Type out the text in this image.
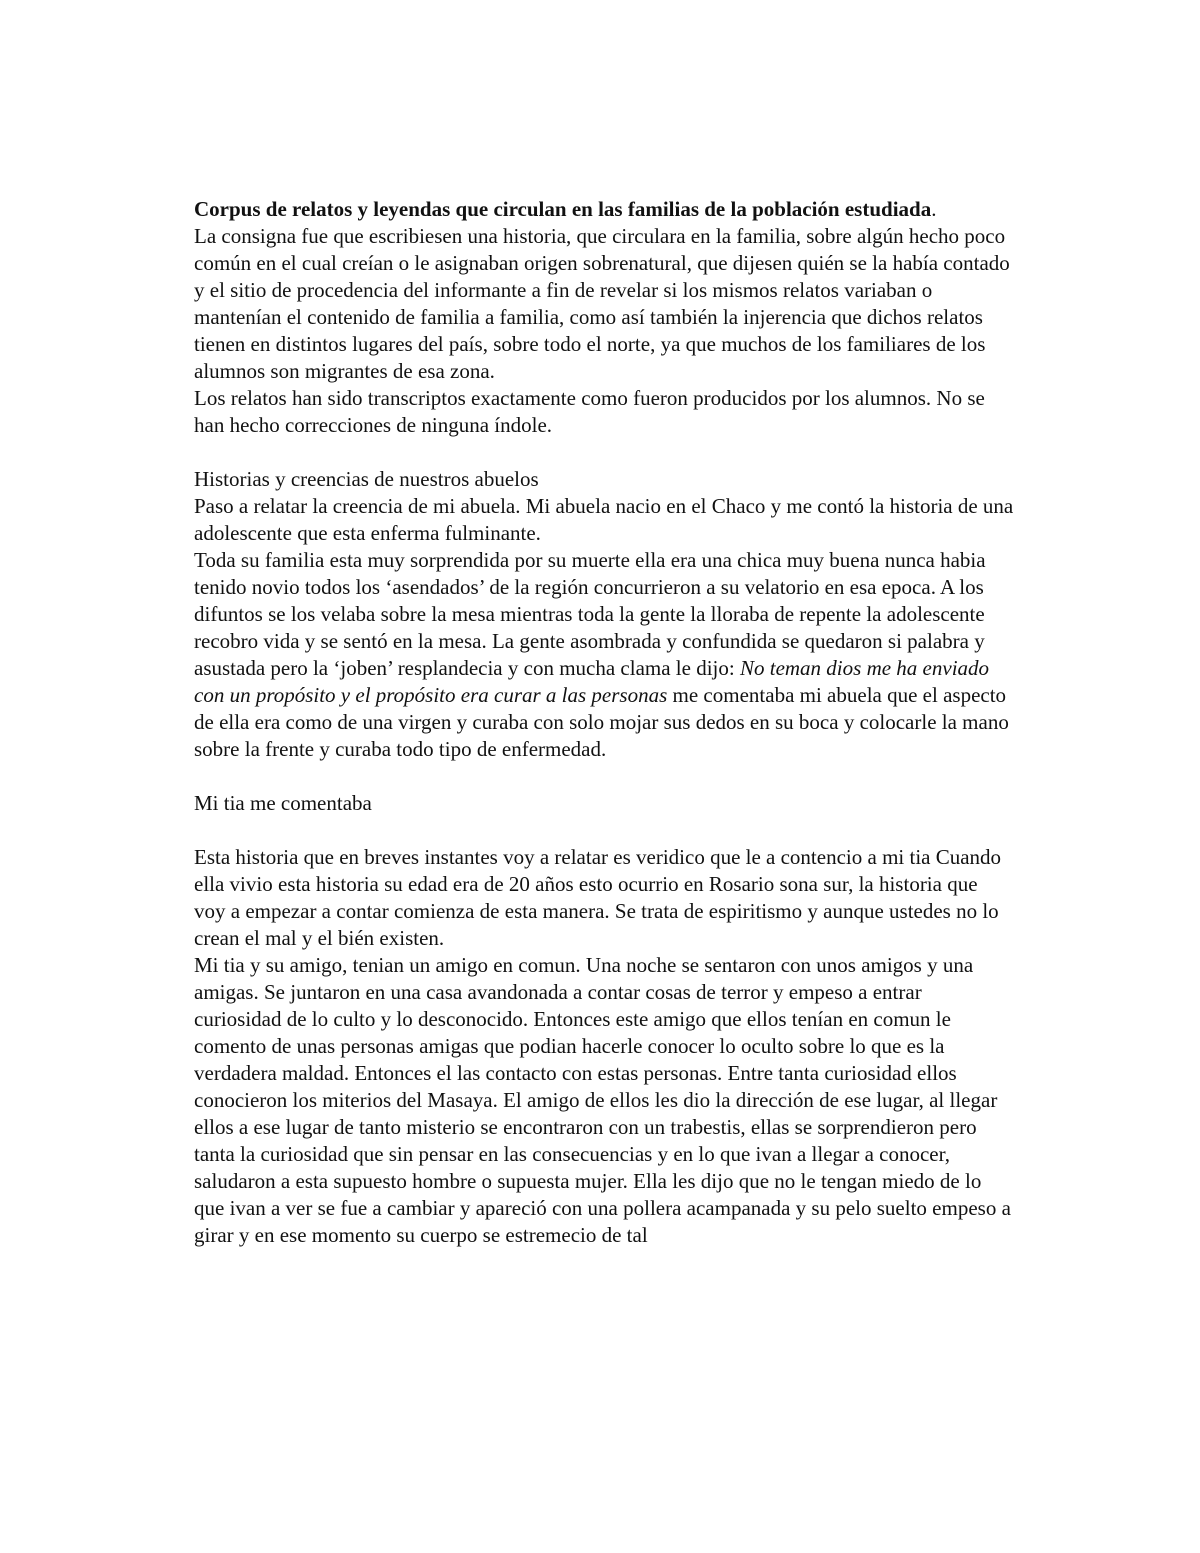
Corpus de relatos y leyendas que circulan en las familias de la población estudiada.

La consigna fue que escribiesen una historia, que circulara en la familia, sobre algún hecho poco común en el cual creían o le asignaban origen sobrenatural, que dijesen quién se la había contado y el sitio de procedencia del informante a fin de revelar si los mismos relatos variaban o mantenían el contenido de familia a familia, como así también la injerencia que dichos relatos tienen en distintos lugares del país, sobre todo el norte, ya que muchos de los familiares de los alumnos son migrantes de esa zona.

Los relatos han sido transcriptos exactamente como fueron producidos por los alumnos. No se han hecho correcciones de ninguna índole.

Historias y creencias de nuestros abuelos

Paso a relatar la creencia de mi abuela. Mi abuela nacio en el Chaco y me contó la historia de una adolescente que esta enferma fulminante.

Toda su familia esta muy sorprendida por su muerte ella era una chica muy buena nunca habia tenido novio todos los ‘asendados’ de la región concurrieron a su velatorio en esa epoca. A los difuntos se los velaba sobre la mesa mientras toda la gente la lloraba de repente la adolescente recobro vida y se sentó en la mesa. La gente asombrada y confundida se quedaron si palabra y asustada pero la ‘joben’ resplandecia y con mucha clama le dijo: No teman dios me ha enviado con un propósito y el propósito era curar a las personas me comentaba mi abuela que el aspecto de ella era como de una virgen y curaba con solo mojar sus dedos en su boca y colocarle la mano sobre la frente y curaba todo tipo de enfermedad.

Mi tia me comentaba

Esta historia que en breves instantes voy a relatar es veridico que le a contencio a mi tia Cuando ella vivio esta historia su edad era de 20 años esto ocurrio en Rosario sona sur, la historia que voy a empezar a contar comienza de esta manera. Se trata de espiritismo y aunque ustedes no lo crean el mal y el bién existen.

Mi tia y su amigo, tenian un amigo en comun. Una noche se sentaron con unos amigos y una amigas. Se juntaron en una casa avandonada a contar cosas de terror y empeso a entrar curiosidad de lo culto y lo desconocido. Entonces este amigo que ellos tenían en comun le comento de unas personas amigas que podian hacerle conocer lo oculto sobre lo que es la verdadera maldad. Entonces el las contacto con estas personas. Entre tanta curiosidad ellos conocieron los miterios del Masaya. El amigo de ellos les dio la dirección de ese lugar, al llegar ellos a ese lugar de tanto misterio se encontraron con un trabestis, ellas se sorprendieron pero tanta la curiosidad que sin pensar en las consecuencias y en lo que ivan a llegar a conocer, saludaron a esta supuesto hombre o supuesta mujer. Ella les dijo que no le tengan miedo de lo que ivan a ver se fue a cambiar y apareció con una pollera acampanada y su pelo suelto empeso a girar y en ese momento su cuerpo se estremecio de tal
